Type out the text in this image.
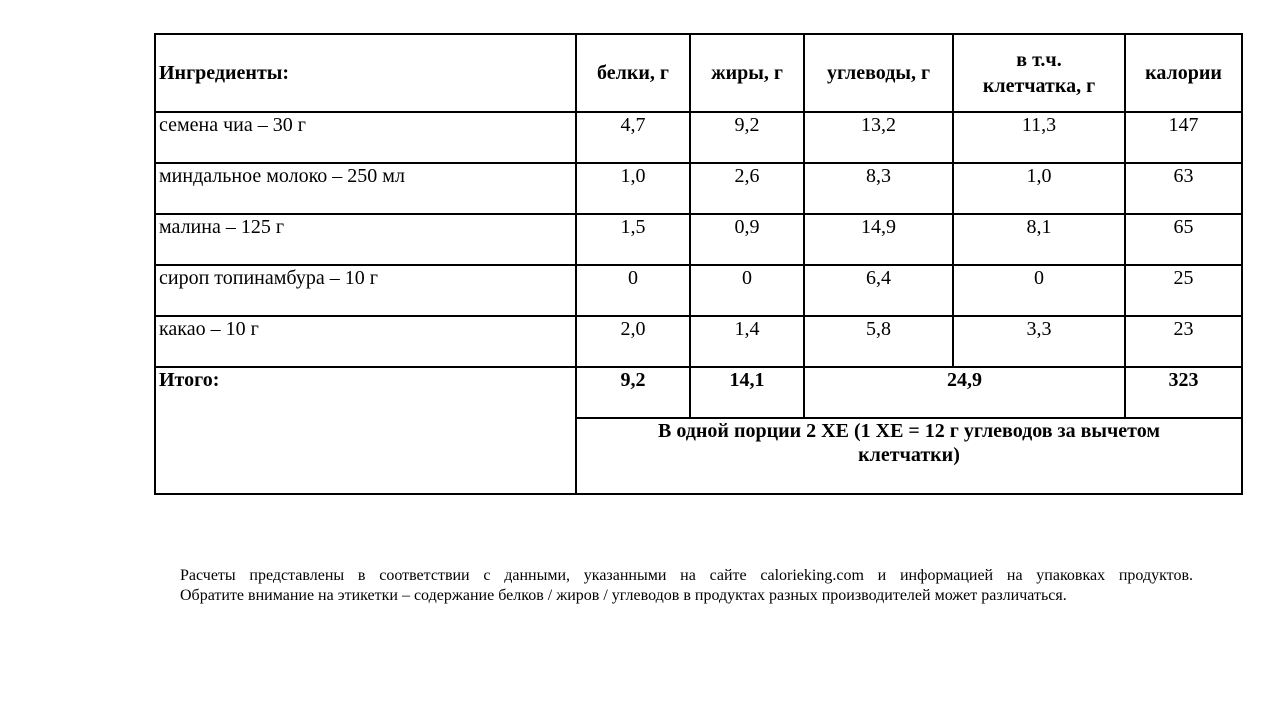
Ингредиенты:	белки, г	жиры, г	углеводы, г	в т.ч.
клетчатка, г	калории
семена чиа – 30 г	4,7	9,2	13,2	11,3	147
миндальное молоко – 250 мл	1,0	2,6	8,3	1,0	63
малина – 125 г	1,5	0,9	14,9	8,1	65
сироп топинамбура – 10 г	0	0	6,4	0	25
какао – 10 г	2,0	1,4	5,8	3,3	23
Итого:	9,2	14,1	24,9		323
	В одной порции 2 ХЕ (1 ХЕ = 12 г углеводов за вычетом
клетчатки)				

Расчеты представлены в соответствии с данными, указанными на сайте calorieking.com и информацией на упаковках продуктов.
Обратите внимание на этикетки – содержание белков / жиров / углеводов в продуктах разных производителей может различаться.
